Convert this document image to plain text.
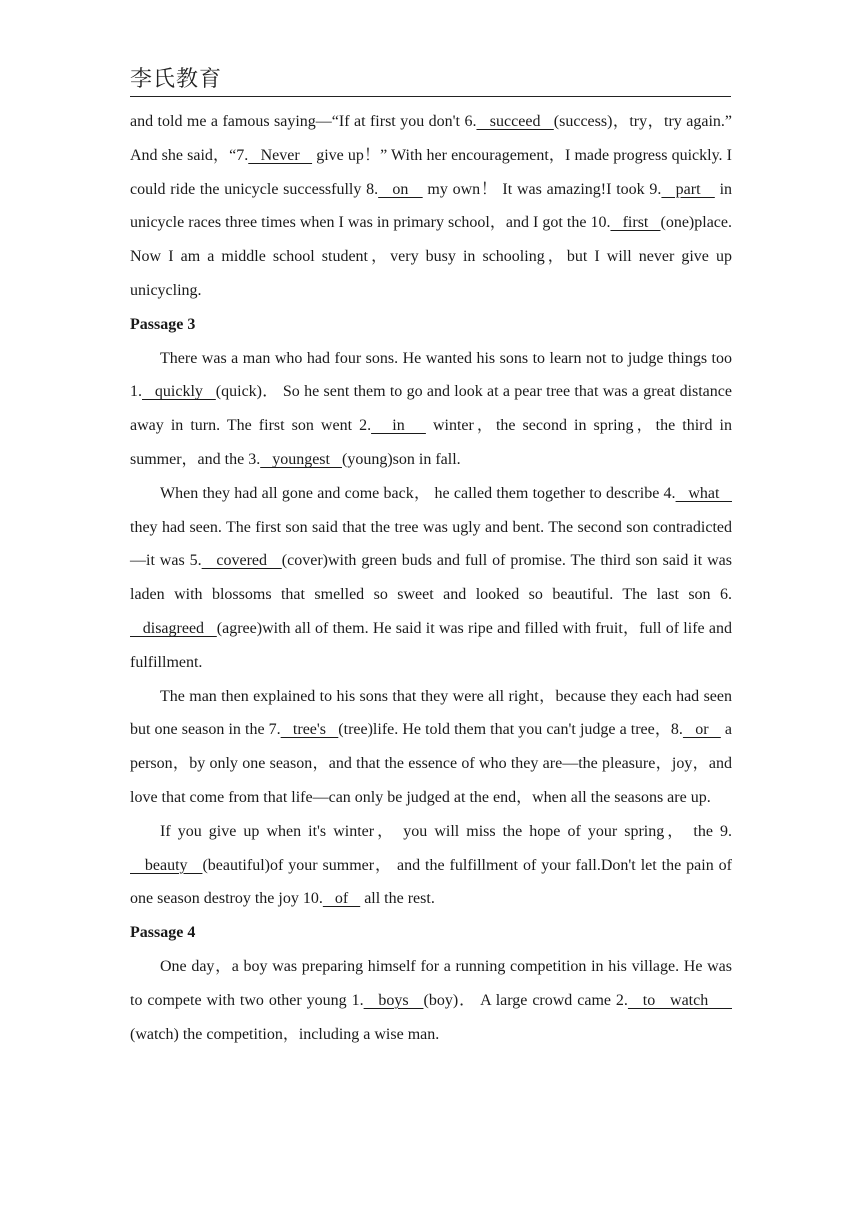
李氏教育

and told me a famous saying—“If at first you don't 6.   succeed   (success)，try，try again.” And she said，“7.   Never    give up！” With her encouragement，I made progress quickly. I could ride the unicycle successfully 8.   on    my own！ It was amazing!I took 9.   part    in unicycle races three times when I was in primary school，and I got the 10.   first   (one)place. Now I am a middle school student，very busy in schooling，but I will never give up unicycling.

Passage 3

There was a man who had four sons. He wanted his sons to learn not to judge things too 1.   quickly   (quick)． So he sent them to go and look at a pear tree that was a great distance away in turn. The first son went 2.   in    winter，the second in spring，the third in summer，and the 3.   youngest   (young)son in fall.

When they had all gone and come back， he called them together to describe 4.   what    they had seen. The first son said that the tree was ugly and bent. The second son contradicted—it was 5.   covered   (cover)with green buds and full of promise. The third son said it was laden with blossoms that smelled so sweet and looked so beautiful. The last son 6.   disagreed   (agree)with all of them. He said it was ripe and filled with fruit，full of life and fulfillment.

The man then explained to his sons that they were all right，because they each had seen but one season in the 7.   tree's   (tree)life. He told them that you can't judge a tree，8.   or    a person，by only one season，and that the essence of who they are—the pleasure，joy，and love that come from that life—can only be judged at the end，when all the seasons are up.

If you give up when it's winter， you will miss the hope of your spring， the 9.   beauty   (beautiful)of your summer， and the fulfillment of your fall.Don't let the pain of one season destroy the joy 10.   of    all the rest.

Passage 4

One day，a boy was preparing himself for a running competition in his village. He was to compete with two other young 1.   boys   (boy)． A large crowd came 2.   to   watch      (watch) the competition，including a wise man.
